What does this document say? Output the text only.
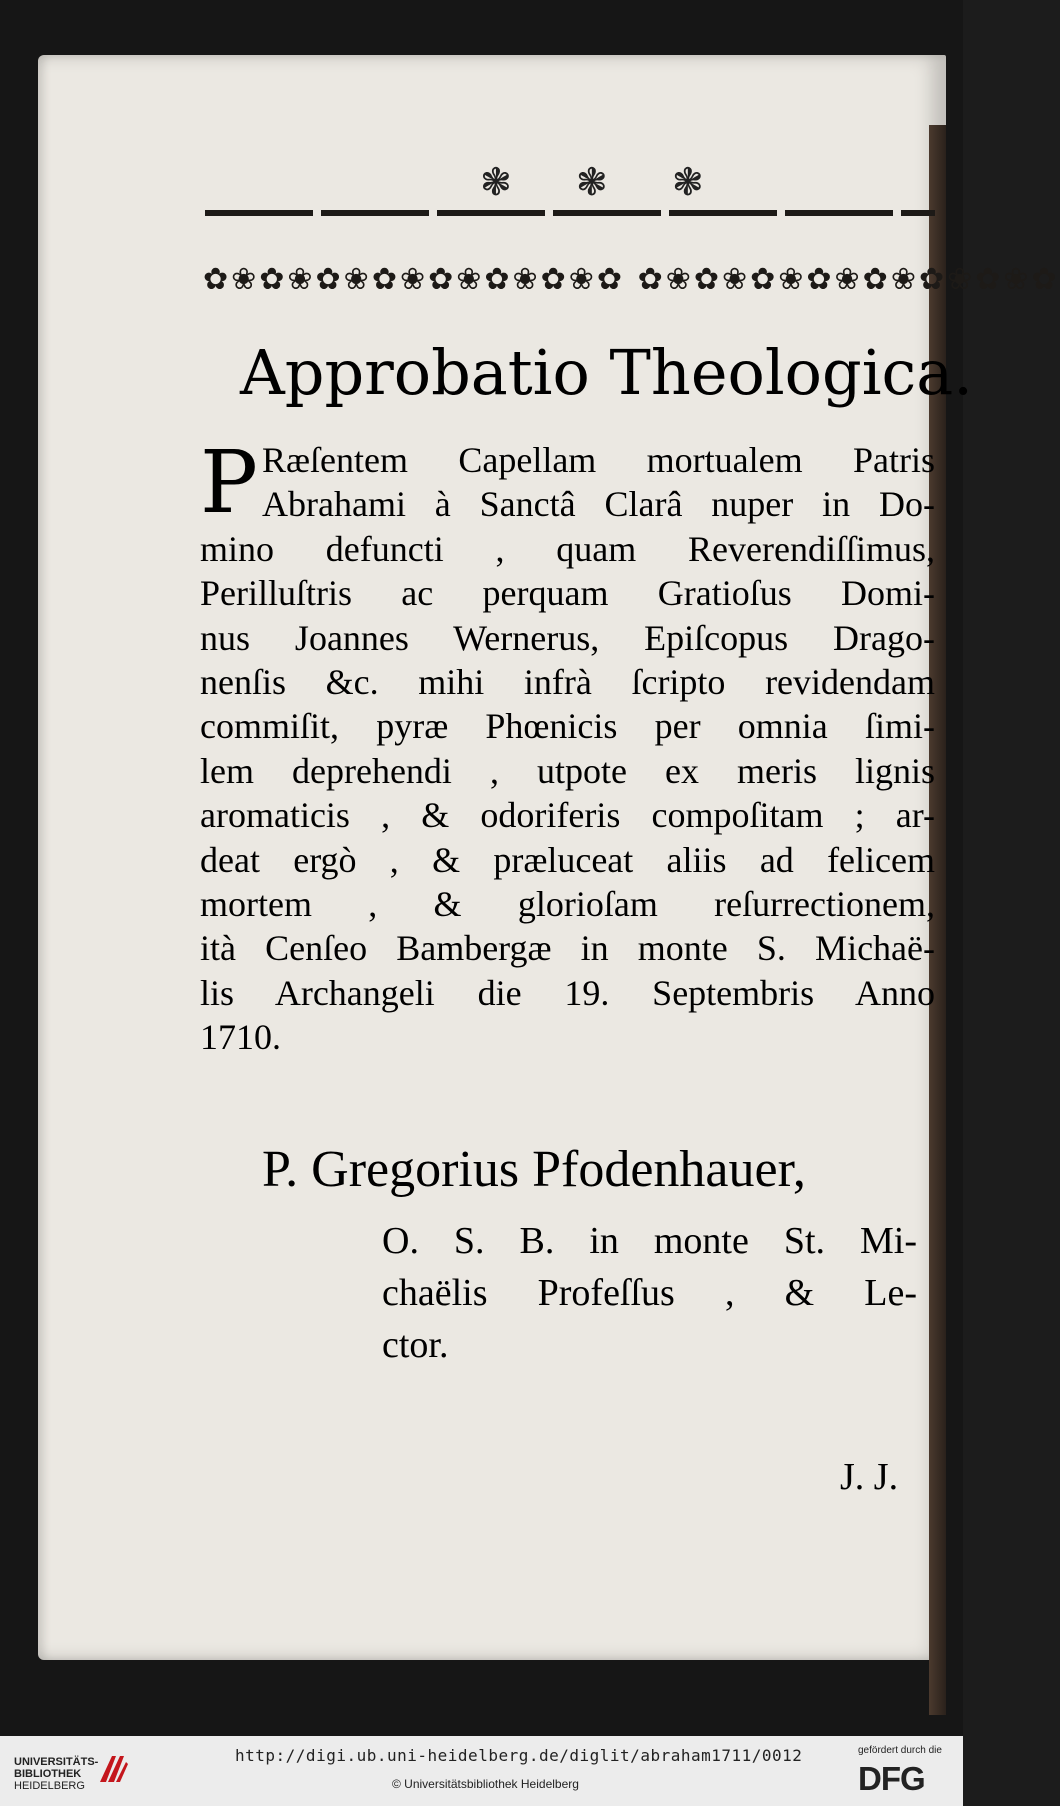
❃ ❃ ❃
✿❀✿❀✿❀✿❀✿❀✿❀✿❀✿ ✿❀✿❀✿❀✿❀✿❀✿❀✿❀✿
Approbatio Theologica.
P Ræſentem Capellam mortualem Patris
Abrahami à Sanctâ Clarâ nuper in Do-
mino defuncti , quam Reverendiſſimus,
Perilluſtris ac perquam Gratioſus Domi-
nus Joannes Wernerus, Epiſcopus Drago-
nenſis &c. mihi infrà ſcripto revidendam
commiſit, pyræ Phœnicis per omnia ſimi-
lem deprehendi , utpote ex meris lignis
aromaticis , & odoriferis compoſitam ; ar-
deat ergò , & præluceat aliis ad felicem
mortem , & glorioſam reſurrectionem,
ità Cenſeo Bambergæ in monte S. Michaë-
lis Archangeli die 19. Septembris Anno
1710.
P. Gregorius Pfodenhauer,
O. S. B. in monte St. Mi-
chaëlis Profeſſus , & Le-
ctor.
J. J.
UNIVERSITÄTS-
BIBLIOTHEK
HEIDELBERG
http://digi.ub.uni-heidelberg.de/diglit/abraham1711/0012
© Universitätsbibliothek Heidelberg
gefördert durch die
DFG
